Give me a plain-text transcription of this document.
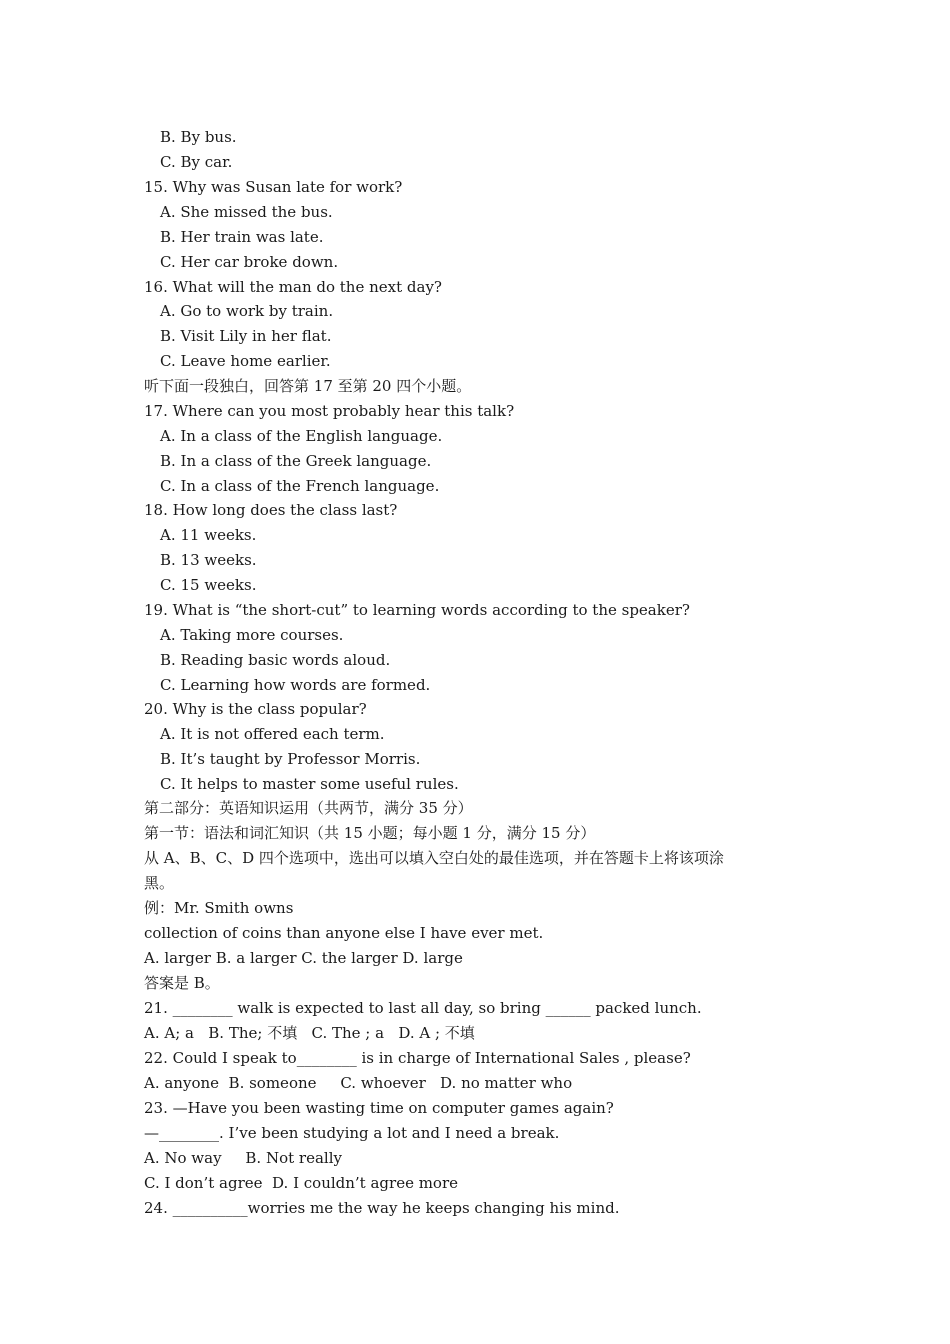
B. By bus.

C. By car.

15. Why was Susan late for work?

A. She missed the bus.

B. Her train was late.

C. Her car broke down.

16. What will the man do the next day?

A. Go to work by train.

B. Visit Lily in her flat.

C. Leave home earlier.

听下面一段独白，回答第 17 至第 20 四个小题。

17. Where can you most probably hear this talk?

A. In a class of the English language.

B. In a class of the Greek language.

C. In a class of the French language.

18. How long does the class last?

A. 11 weeks.

B. 13 weeks.

C. 15 weeks.

19. What is “the short-cut” to learning words according to the speaker?

A. Taking more courses.

B. Reading basic words aloud.

C. Learning how words are formed.

20. Why is the class popular?

A. It is not offered each term.

B. It’s taught by Professor Morris.

C. It helps to master some useful rules.

第二部分：英语知识运用（共两节，满分 35 分）

第一节：语法和词汇知识（共 15 小题；每小题 1 分，满分 15 分）

从 A、B、C、D 四个选项中，选出可以填入空白处的最佳选项，并在答题卡上将该项涂

黑。

例：Mr. Smith owns

collection of coins than anyone else I have ever met.

A. larger B. a larger C. the larger D. large

答案是 B。

21. ________ walk is expected to last all day, so bring ______ packed lunch.

A. A; a   B. The; 不填   C. The ; a   D. A ; 不填

22. Could I speak to________ is in charge of International Sales , please?

A. anyone  B. someone     C. whoever   D. no matter who

23. —Have you been wasting time on computer games again?

—________. I’ve been studying a lot and I need a break.

A. No way     B. Not really

C. I don’t agree  D. I couldn’t agree more

24. __________worries me the way he keeps changing his mind.
